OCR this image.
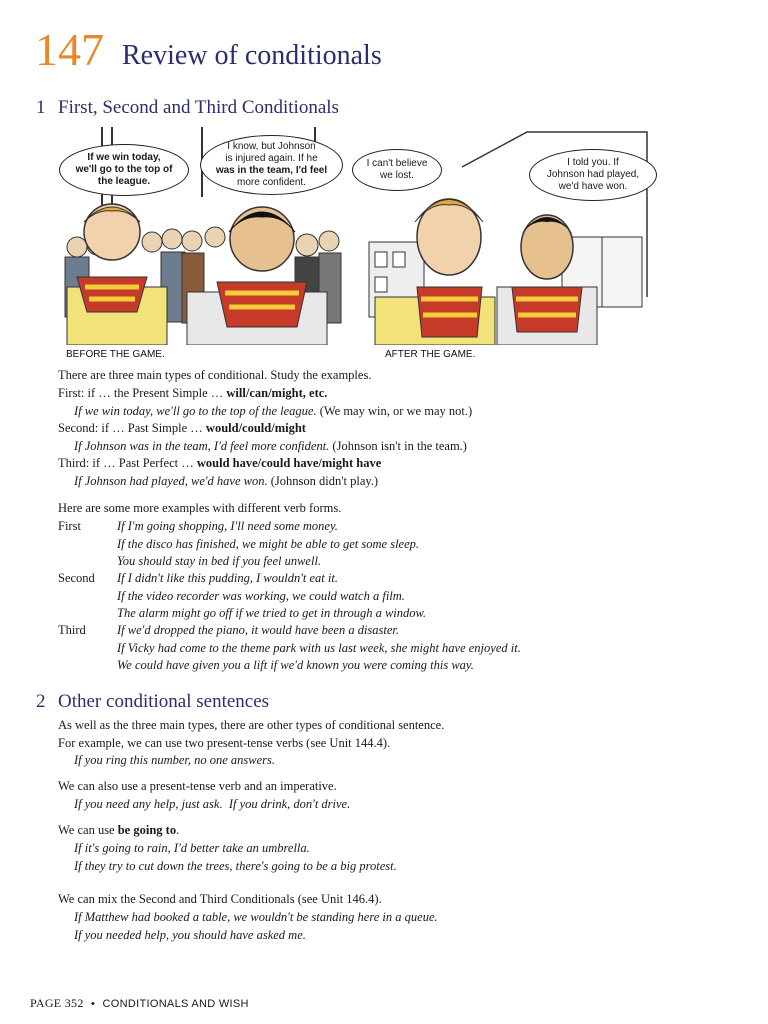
147 Review of conditionals
1 First, Second and Third Conditionals
If we win today,
we'll go to the top of
the league.
I know, but Johnson
is injured again. If he
was in the team, I'd feel
more confident.
I can't believe
we lost.
I told you. If
Johnson had played,
we'd have won.
BEFORE THE GAME.	AFTER THE GAME.
There are three main types of conditional. Study the examples.
First: if … the Present Simple … will/can/might, etc.
If we win today, we'll go to the top of the league. (We may win, or we may not.)
Second: if … Past Simple … would/could/might
If Johnson was in the team, I'd feel more confident. (Johnson isn't in the team.)
Third: if … Past Perfect … would have/could have/might have
If Johnson had played, we'd have won. (Johnson didn't play.)
Here are some more examples with different verb forms.
First	If I'm going shopping, I'll need some money.
If the disco has finished, we might be able to get some sleep.
You should stay in bed if you feel unwell.
Second If I didn't like this pudding, I wouldn't eat it.
If the video recorder was working, we could watch a film.
The alarm might go off if we tried to get in through a window.
Third If we'd dropped the piano, it would have been a disaster.
If Vicky had come to the theme park with us last week, she might have enjoyed it.
We could have given you a lift if we'd known you were coming this way.
2 Other conditional sentences
As well as the three main types, there are other types of conditional sentence.
For example, we can use two present-tense verbs (see Unit 144.4).
If you ring this number, no one answers.
We can also use a present-tense verb and an imperative.
If you need any help, just ask. If you drink, don't drive.
We can use be going to.
If it's going to rain, I'd better take an umbrella.
If they try to cut down the trees, there's going to be a big protest.
We can mix the Second and Third Conditionals (see Unit 146.4).
If Matthew had booked a table, we wouldn't be standing here in a queue.
If you needed help, you should have asked me.
PAGE 352 • CONDITIONALS AND WISH
